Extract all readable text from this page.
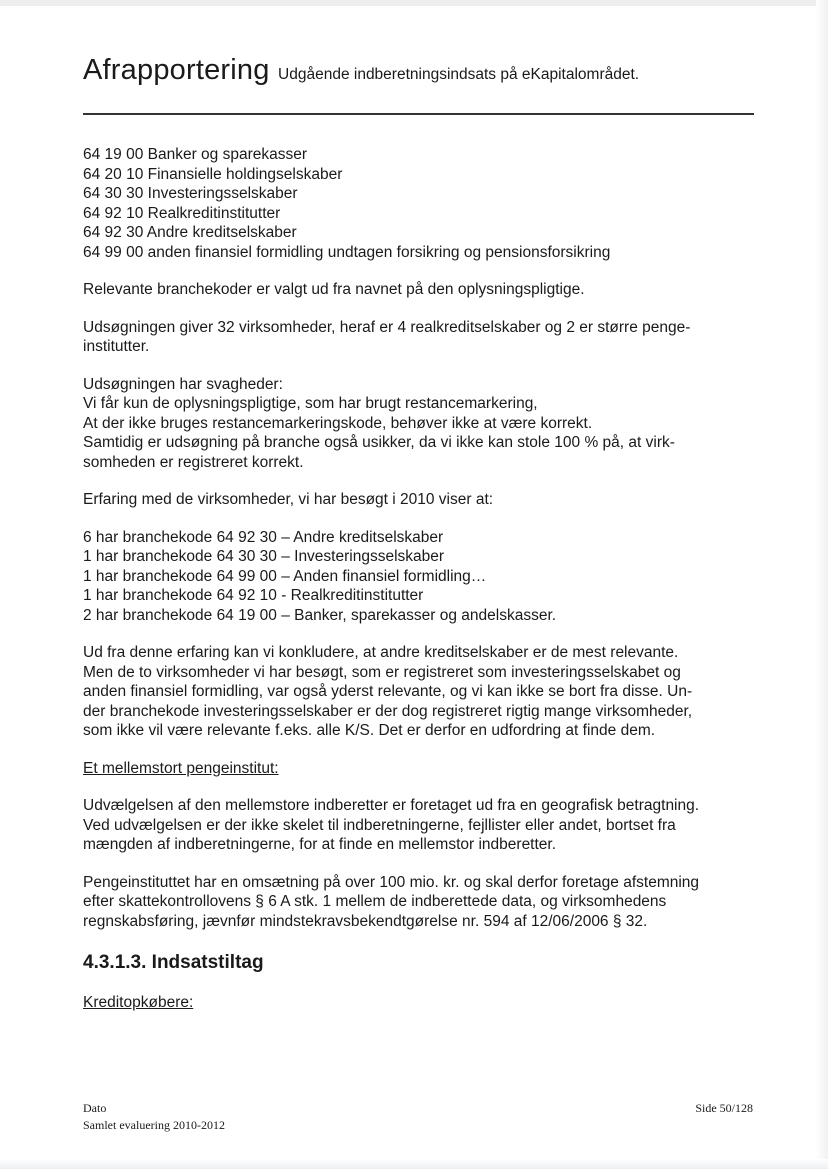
Afrapportering Udgående indberetningsindsats på eKapitalområdet.

64 19 00 Banker og sparekasser
64 20 10 Finansielle holdingselskaber
64 30 30 Investeringsselskaber
64 92 10 Realkreditinstitutter
64 92 30 Andre kreditselskaber
64 99 00 anden finansiel formidling undtagen forsikring og pensionsforsikring

Relevante branchekoder er valgt ud fra navnet på den oplysningspligtige.

Udsøgningen giver 32 virksomheder, heraf er 4 realkreditselskaber og 2 er større penge-
institutter.

Udsøgningen har svagheder:
Vi får kun de oplysningspligtige, som har brugt restancemarkering,
At der ikke bruges restancemarkeringskode, behøver ikke at være korrekt.
Samtidig er udsøgning på branche også usikker, da vi ikke kan stole 100 % på, at virk-
somheden er registreret korrekt.

Erfaring med de virksomheder, vi har besøgt i 2010 viser at:

6 har branchekode 64 92 30 – Andre kreditselskaber
1 har branchekode 64 30 30 – Investeringsselskaber
1 har branchekode 64 99 00 – Anden finansiel formidling…
1 har branchekode 64 92 10 - Realkreditinstitutter
2 har branchekode 64 19 00 – Banker, sparekasser og andelskasser.

Ud fra denne erfaring kan vi konkludere, at andre kreditselskaber er de mest relevante.
Men de to virksomheder vi har besøgt, som er registreret som investeringsselskabet og
anden finansiel formidling, var også yderst relevante, og vi kan ikke se bort fra disse. Un-
der branchekode investeringsselskaber er der dog registreret rigtig mange virksomheder,
som ikke vil være relevante f.eks. alle K/S. Det er derfor en udfordring at finde dem.

Et mellemstort pengeinstitut:

Udvælgelsen af den mellemstore indberetter er foretaget ud fra en geografisk betragtning.
Ved udvælgelsen er der ikke skelet til indberetningerne, fejllister eller andet, bortset fra
mængden af indberetningerne, for at finde en mellemstor indberetter.

Pengeinstituttet har en omsætning på over 100 mio. kr. og skal derfor foretage afstemning
efter skattekontrollovens § 6 A stk. 1 mellem de indberettede data, og virksomhedens
regnskabsføring, jævnfør mindstekravsbekendtgørelse nr. 594 af 12/06/2006 § 32.

4.3.1.3. Indsatstiltag

Kreditopkøbere:

Dato
Samlet evaluering 2010-2012
Side 50/128
